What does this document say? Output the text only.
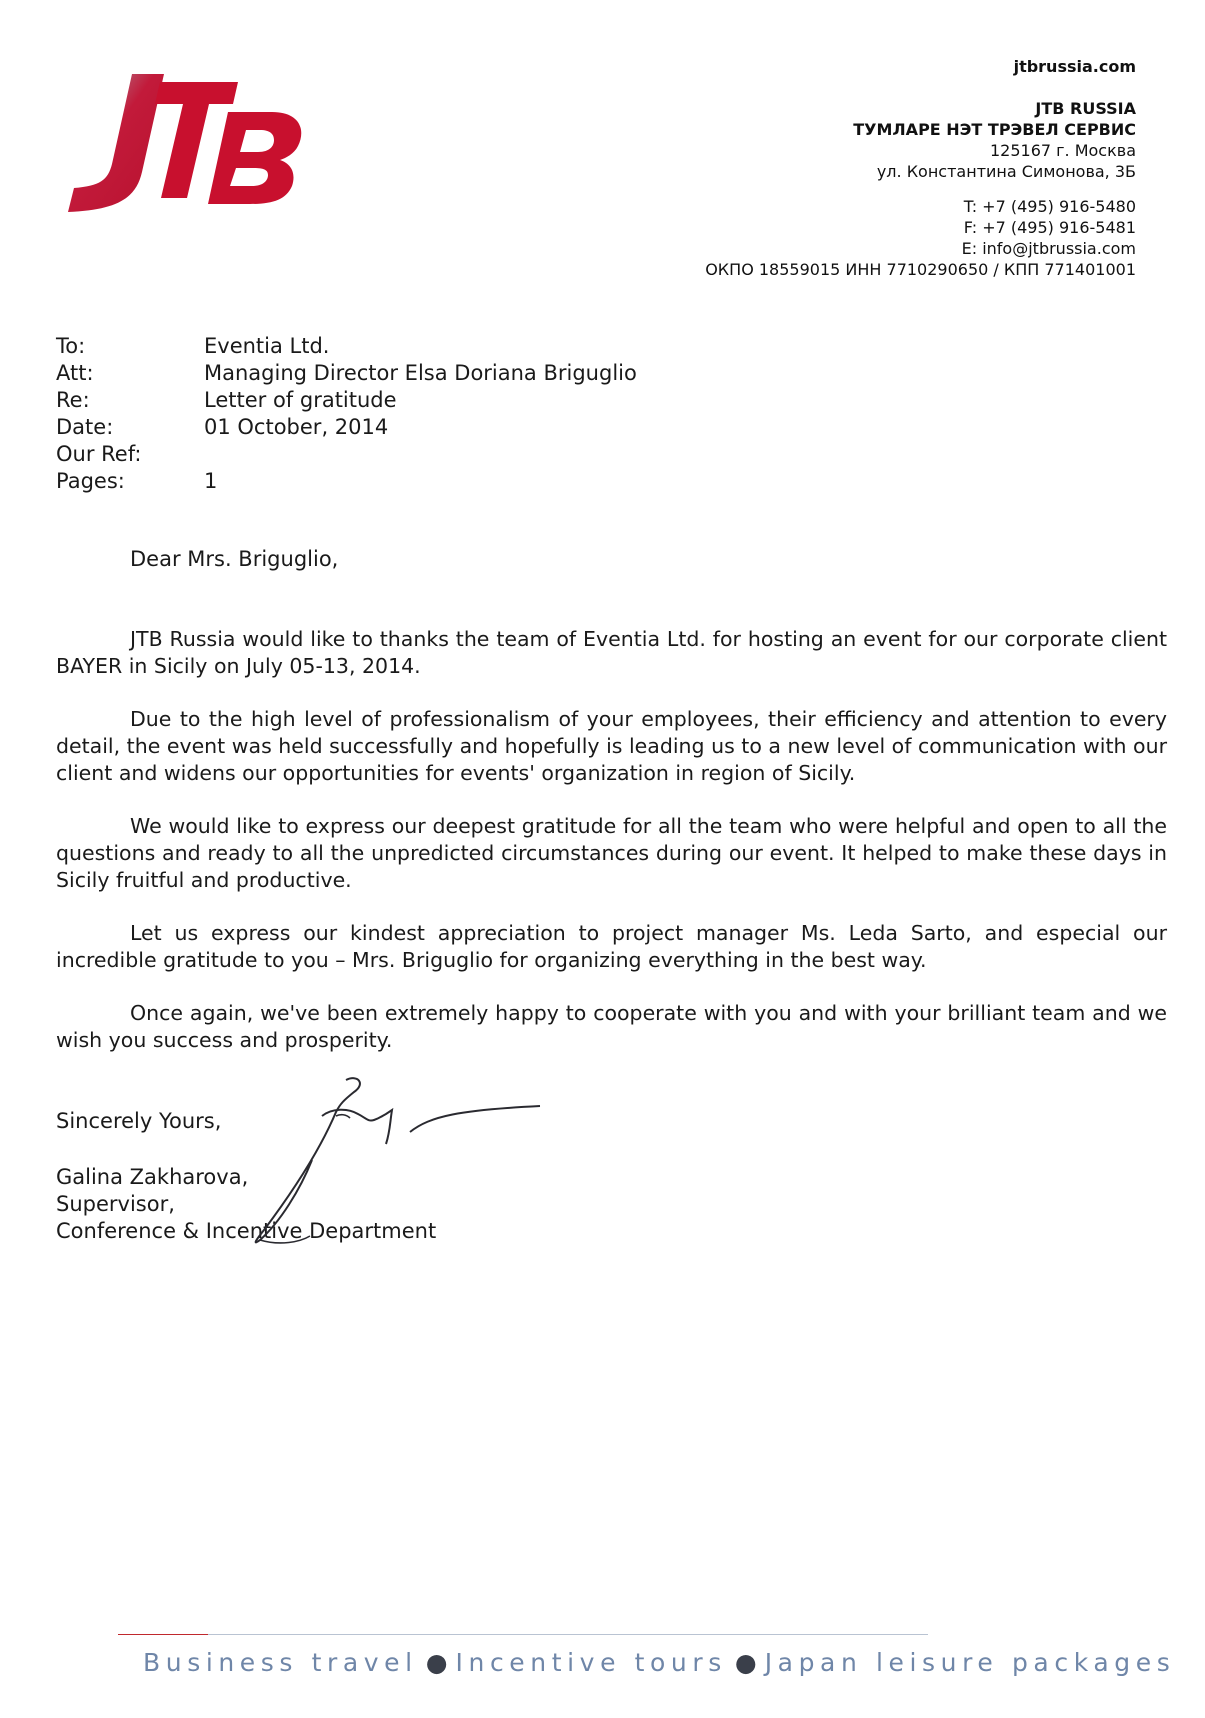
jtbrussia.com
JTB RUSSIA
ТУМЛАРЕ НЭТ ТРЭВЕЛ СЕРВИС
125167 г. Москва
ул. Константина Симонова, 3Б
T: +7 (495) 916-5480
F: +7 (495) 916-5481
E: info@jtbrussia.com
ОКПО 18559015 ИНН 7710290650 / КПП 771401001
To:	Eventia Ltd.
Att:	Managing Director Elsa Doriana Briguglio
Re:	Letter of gratitude
Date:	01 October, 2014
Our Ref:
Pages:	1
Dear Mrs. Briguglio,

JTB Russia would like to thanks the team of Eventia Ltd. for hosting an event for our corporate client BAYER in Sicily on July 05-13, 2014.

Due to the high level of professionalism of your employees, their efficiency and attention to every detail, the event was held successfully and hopefully is leading us to a new level of communication with our client and widens our opportunities for events' organization in region of Sicily.

We would like to express our deepest gratitude for all the team who were helpful and open to all the questions and ready to all the unpredicted circumstances during our event. It helped to make these days in Sicily fruitful and productive.

Let us express our kindest appreciation to project manager Ms. Leda Sarto, and especial our incredible gratitude to you – Mrs. Briguglio for organizing everything in the best way.

Once again, we've been extremely happy to cooperate with you and with your brilliant team and we wish you success and prosperity.

Sincerely Yours,
Galina Zakharova,
Supervisor,
Conference & Incentive Department
Business travel ● Incentive tours ● Japan leisure packages
